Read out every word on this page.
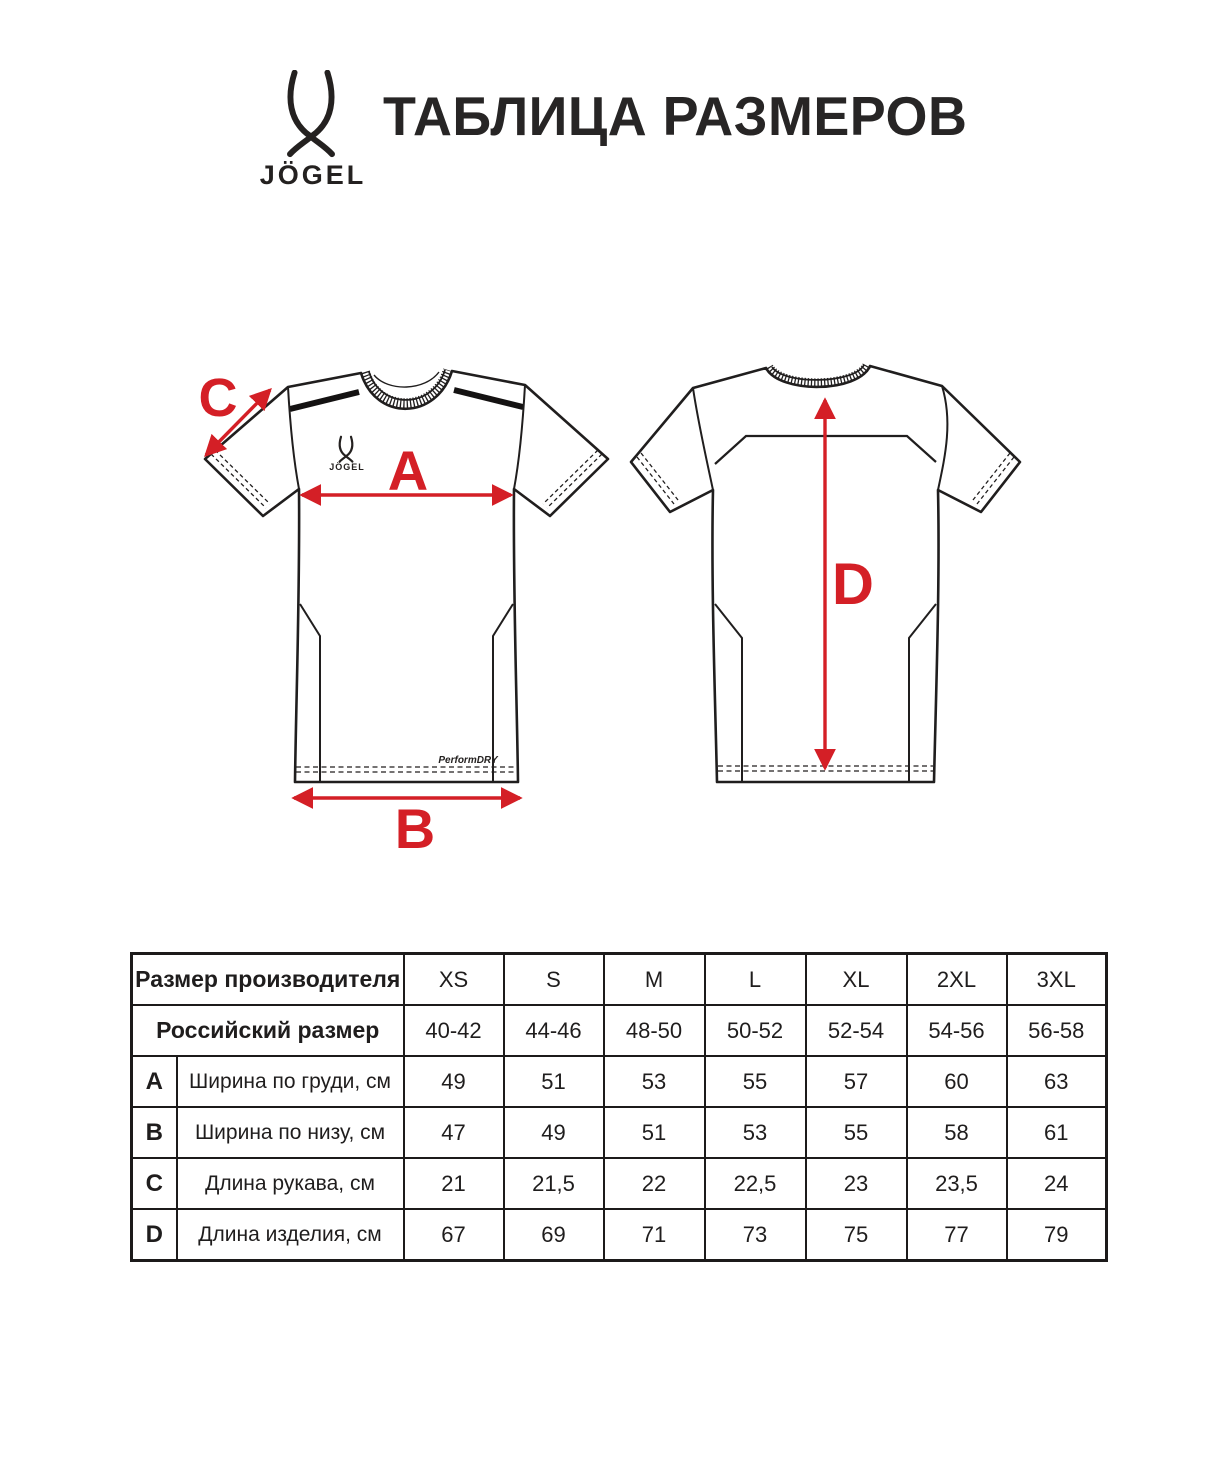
JÖGEL
ТАБЛИЦА РАЗМЕРОВ
JÖGEL
PerformDRY
A
C
B
D
Размер производителя		XS	S	M	L	XL	2XL	3XL
Российский размер		40-42	44-46	48-50	50-52	52-54	54-56	56-58
A	Ширина по груди, см	49	51	53	55	57	60	63
B	Ширина по низу, см	47	49	51	53	55	58	61
C	Длина рукава, см	21	21,5	22	22,5	23	23,5	24
D	Длина изделия, см	67	69	71	73	75	77	79
